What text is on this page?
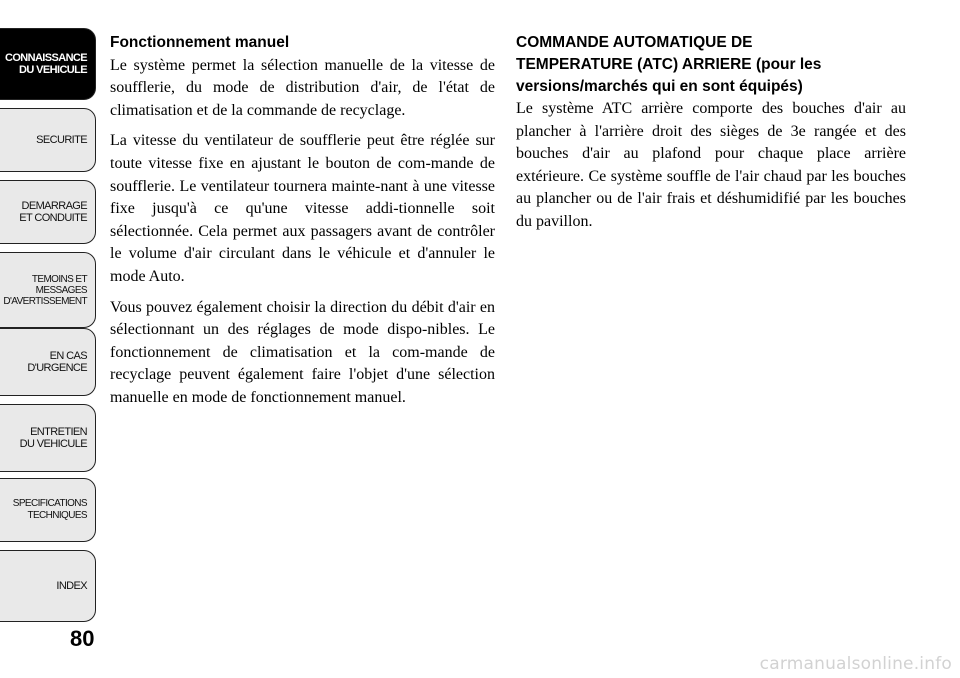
CONNAISSANCE
DU VEHICULE
SECURITE
DEMARRAGE
ET CONDUITE
TEMOINS ET
MESSAGES
D'AVERTISSEMENT
EN CAS
D'URGENCE
ENTRETIEN
DU VEHICULE
SPECIFICATIONS
TECHNIQUES
INDEX
80
Fonctionnement manuel

Le système permet la sélection manuelle de la vitesse de soufflerie, du mode de distribution d'air, de l'état de climatisation et de la commande de recyclage.

La vitesse du ventilateur de soufflerie peut être réglée sur toute vitesse fixe en ajustant le bouton de com-mande de soufflerie. Le ventilateur tournera mainte-nant à une vitesse fixe jusqu'à ce qu'une vitesse addi-tionnelle soit sélectionnée. Cela permet aux passagers avant de contrôler le volume d'air circulant dans le véhicule et d'annuler le mode Auto.

Vous pouvez également choisir la direction du débit d'air en sélectionnant un des réglages de mode dispo-nibles. Le fonctionnement de climatisation et la com-mande de recyclage peuvent également faire l'objet d'une sélection manuelle en mode de fonctionnement manuel.

COMMANDE AUTOMATIQUE DE
TEMPERATURE (ATC) ARRIERE (pour les
versions/marchés qui en sont équipés)

Le système ATC arrière comporte des bouches d'air au plancher à l'arrière droit des sièges de 3e rangée et des bouches d'air au plafond pour chaque place arrière extérieure. Ce système souffle de l'air chaud par les bouches au plancher ou de l'air frais et déshumidifié par les bouches du pavillon.

carmanualsonline.info
